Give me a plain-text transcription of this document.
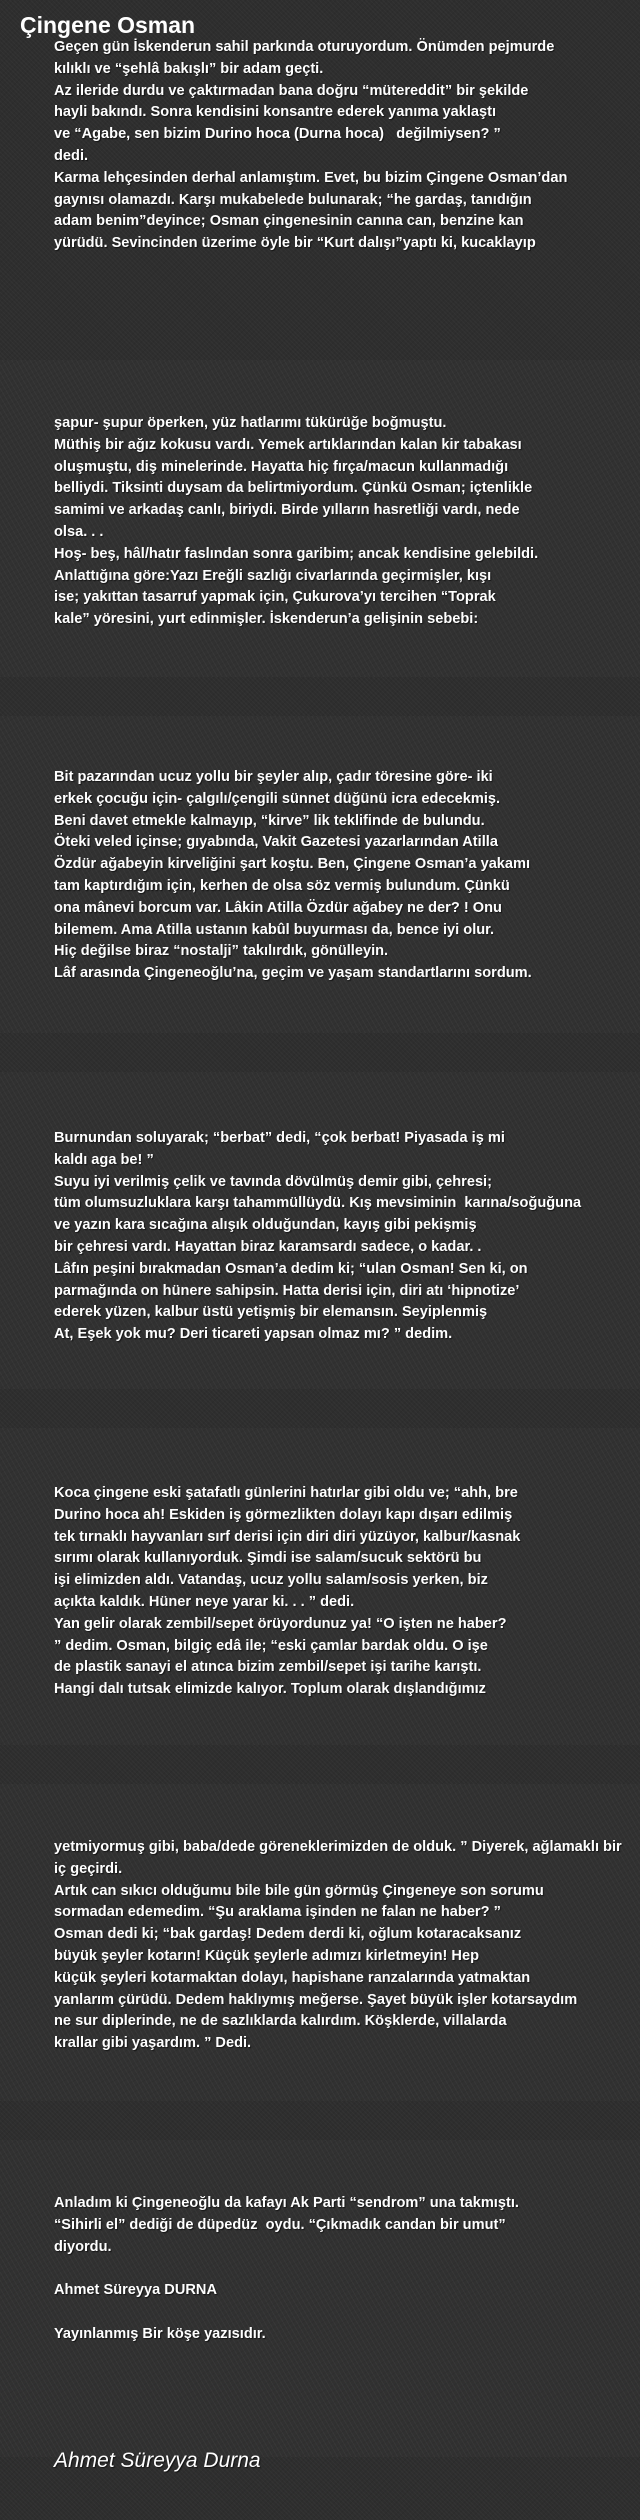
Çingene Osman
Geçen gün İskenderun sahil parkında oturuyordum. Önümden pejmurde
kılıklı ve “şehlâ bakışlı” bir adam geçti.
Az ileride durdu ve çaktırmadan bana doğru “mütereddit” bir şekilde
hayli bakındı. Sonra kendisini konsantre ederek yanıma yaklaştı
ve “Agabe, sen bizim Durino hoca (Durna hoca)   değilmiysen? ”
dedi.
Karma lehçesinden derhal anlamıştım. Evet, bu bizim Çingene Osman’dan
gaynısı olamazdı. Karşı mukabelede bulunarak; “he gardaş, tanıdığın
adam benim”deyince; Osman çingenesinin canına can, benzine kan
yürüdü. Sevincinden üzerime öyle bir “Kurt dalışı”yaptı ki, kucaklayıp
şapur- şupur öperken, yüz hatlarımı tükürüğe boğmuştu.
Müthiş bir ağız kokusu vardı. Yemek artıklarından kalan kir tabakası
oluşmuştu, diş minelerinde. Hayatta hiç fırça/macun kullanmadığı
belliydi. Tiksinti duysam da belirtmiyordum. Çünkü Osman; içtenlikle
samimi ve arkadaş canlı, biriydi. Birde yılların hasretliği vardı, nede
olsa. . .
Hoş- beş, hâl/hatır faslından sonra garibim; ancak kendisine gelebildi.
Anlattığına göre:Yazı Ereğli sazlığı civarlarında geçirmişler, kışı
ise; yakıttan tasarruf yapmak için, Çukurova’yı tercihen “Toprak
kale” yöresini, yurt edinmişler. İskenderun’a gelişinin sebebi:
Bit pazarından ucuz yollu bir şeyler alıp, çadır töresine göre- iki
erkek çocuğu için- çalgılı/çengili sünnet düğünü icra edecekmiş.
Beni davet etmekle kalmayıp, “kirve” lik teklifinde de bulundu.
Öteki veled içinse; gıyabında, Vakit Gazetesi yazarlarından Atilla
Özdür ağabeyin kirveliğini şart koştu. Ben, Çingene Osman’a yakamı
tam kaptırdığım için, kerhen de olsa söz vermiş bulundum. Çünkü
ona mânevi borcum var. Lâkin Atilla Özdür ağabey ne der? ! Onu
bilemem. Ama Atilla ustanın kabûl buyurması da, bence iyi olur.
Hiç değilse biraz “nostalji” takılırdık, gönülleyin.
Lâf arasında Çingeneoğlu’na, geçim ve yaşam standartlarını sordum.
Burnundan soluyarak; “berbat” dedi, “çok berbat! Piyasada iş mi
kaldı aga be! ”
Suyu iyi verilmiş çelik ve tavında dövülmüş demir gibi, çehresi;
tüm olumsuzluklara karşı tahammüllüydü. Kış mevsiminin  karına/soğuğuna
ve yazın kara sıcağına alışık olduğundan, kayış gibi pekişmiş
bir çehresi vardı. Hayattan biraz karamsardı sadece, o kadar. .
Lâfın peşini bırakmadan Osman’a dedim ki; “ulan Osman! Sen ki, on
parmağında on hünere sahipsin. Hatta derisi için, diri atı ‘hipnotize’
ederek yüzen, kalbur üstü yetişmiş bir elemansın. Seyiplenmiş
At, Eşek yok mu? Deri ticareti yapsan olmaz mı? ” dedim.
Koca çingene eski şatafatlı günlerini hatırlar gibi oldu ve; “ahh, bre
Durino hoca ah! Eskiden iş görmezlikten dolayı kapı dışarı edilmiş
tek tırnaklı hayvanları sırf derisi için diri diri yüzüyor, kalbur/kasnak
sırımı olarak kullanıyorduk. Şimdi ise salam/sucuk sektörü bu
işi elimizden aldı. Vatandaş, ucuz yollu salam/sosis yerken, biz
açıkta kaldık. Hüner neye yarar ki. . . ” dedi.
Yan gelir olarak zembil/sepet örüyordunuz ya! “O işten ne haber?
” dedim. Osman, bilgiç edâ ile; “eski çamlar bardak oldu. O işe
de plastik sanayi el atınca bizim zembil/sepet işi tarihe karıştı.
Hangi dalı tutsak elimizde kalıyor. Toplum olarak dışlandığımız
yetmiyormuş gibi, baba/dede göreneklerimizden de olduk. ” Diyerek, ağlamaklı bir
iç geçirdi.
Artık can sıkıcı olduğumu bile bile gün görmüş Çingeneye son sorumu
sormadan edemedim. “Şu araklama işinden ne falan ne haber? ”
Osman dedi ki; “bak gardaş! Dedem derdi ki, oğlum kotaracaksanız
büyük şeyler kotarın! Küçük şeylerle adımızı kirletmeyin! Hep
küçük şeyleri kotarmaktan dolayı, hapishane ranzalarında yatmaktan
yanlarım çürüdü. Dedem haklıymış meğerse. Şayet büyük işler kotarsaydım
ne sur diplerinde, ne de sazlıklarda kalırdım. Köşklerde, villalarda
krallar gibi yaşardım. ” Dedi.
Anladım ki Çingeneoğlu da kafayı Ak Parti “sendrom” una takmıştı.
“Sihirli el” dediği de düpedüz  oydu. “Çıkmadık candan bir umut”
diyordu.

Ahmet Süreyya DURNA

Yayınlanmış Bir köşe yazısıdır.
Ahmet Süreyya Durna
